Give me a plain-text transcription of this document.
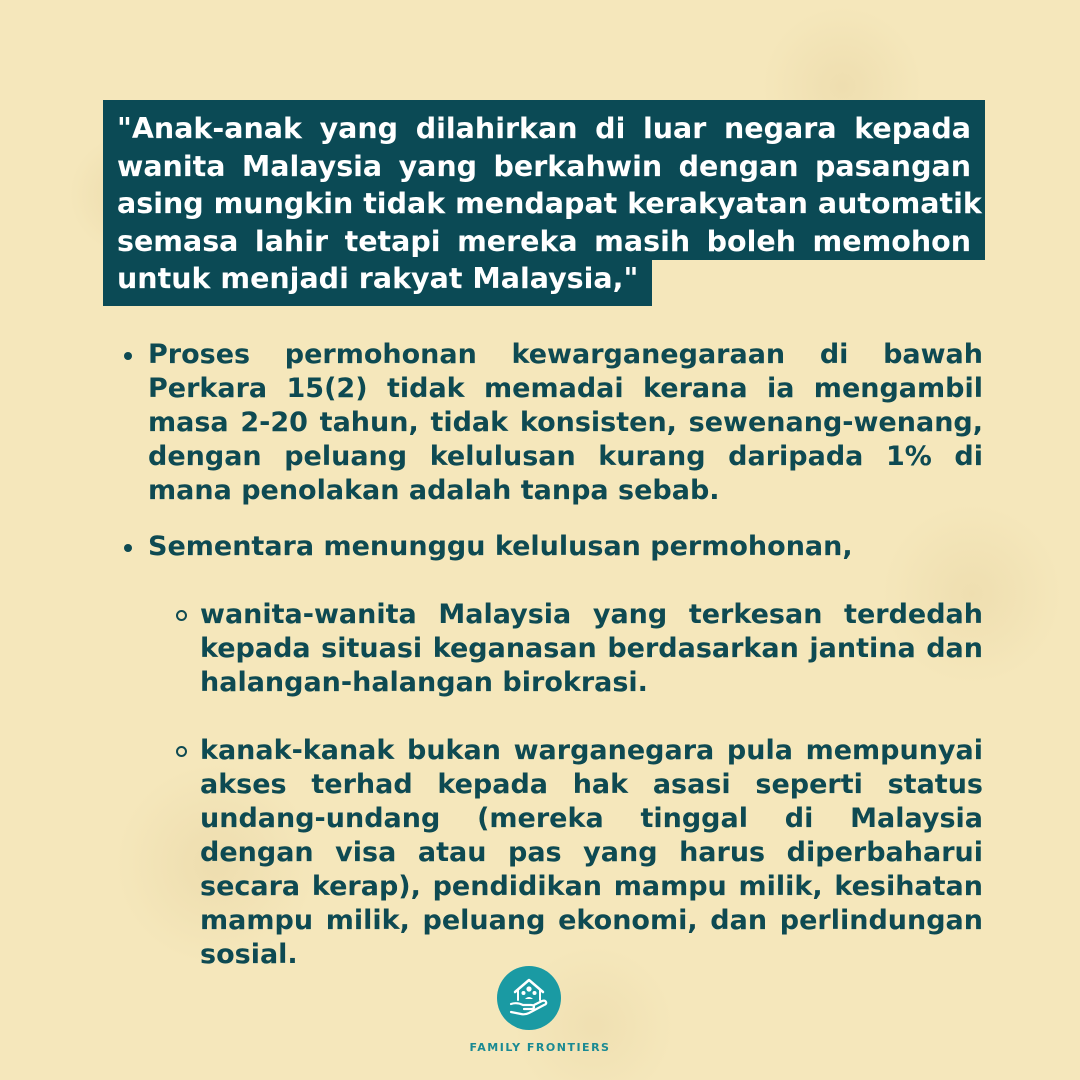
"Anak-anak yang dilahirkan di luar negara kepada
wanita Malaysia yang berkahwin dengan pasangan
asing mungkin tidak mendapat kerakyatan automatik
semasa lahir tetapi mereka masih boleh memohon
untuk menjadi rakyat Malaysia,"

Proses permohonan kewarganegaraan di bawah Perkara 15(2) tidak memadai kerana ia mengambil masa 2-20 tahun, tidak konsisten, sewenang-wenang, dengan peluang kelulusan kurang daripada 1% di mana penolakan adalah tanpa sebab.

Sementara menunggu kelulusan permohonan,

wanita-wanita Malaysia yang terkesan terdedah kepada situasi keganasan berdasarkan jantina dan halangan-halangan birokrasi.
kanak-kanak bukan warganegara pula mempunyai akses terhad kepada hak asasi seperti status undang-undang (mereka tinggal di Malaysia dengan visa atau pas yang harus diperbaharui secara kerap), pendidikan mampu milik, kesihatan mampu milik, peluang ekonomi, dan perlindungan sosial.
FAMILY FRONTIERS
